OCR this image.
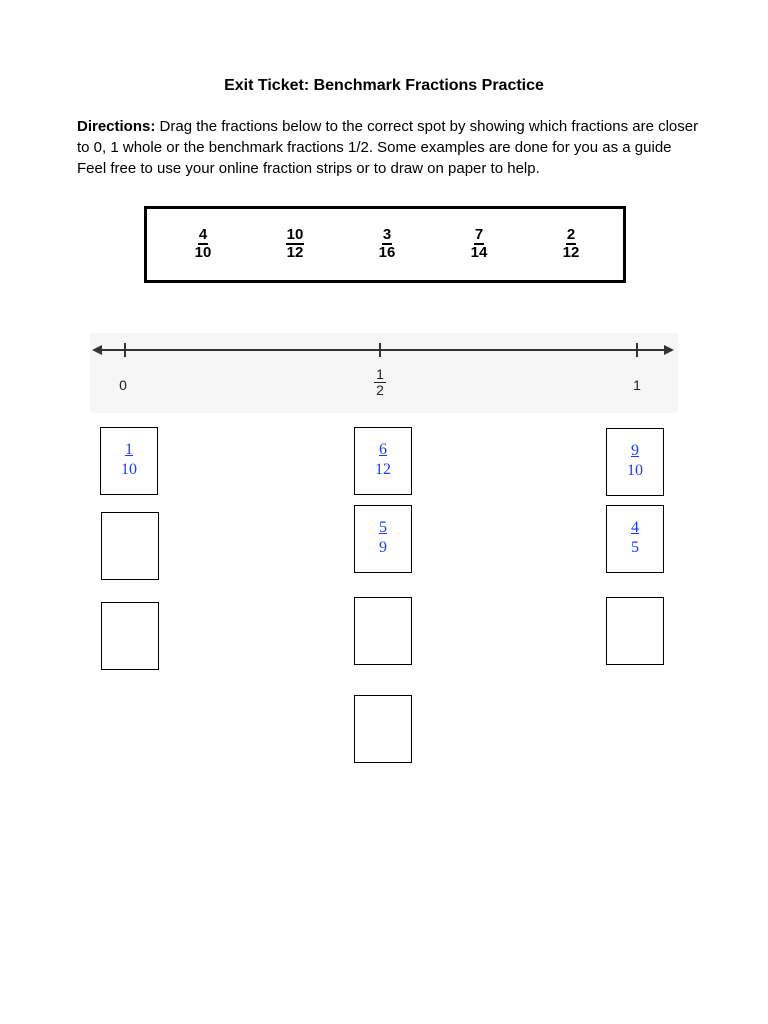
Exit Ticket: Benchmark Fractions Practice
Directions: Drag the fractions below to the correct spot by showing which fractions are closer to 0, 1 whole or the benchmark fractions 1/2. Some examples are done for you as a guide Feel free to use your online fraction strips or to draw on paper to help.
$\frac{4}{10}$	$\frac{10}{12}$	$\frac{3}{16}$	$\frac{7}{14}$	$\frac{2}{12}$
0	$\frac{1}{2}$	1
$\frac{1}{10}$	$\frac{6}{12}$
$\frac{5}{9}$
$\frac{9}{10}$
$\frac{4}{5}$
